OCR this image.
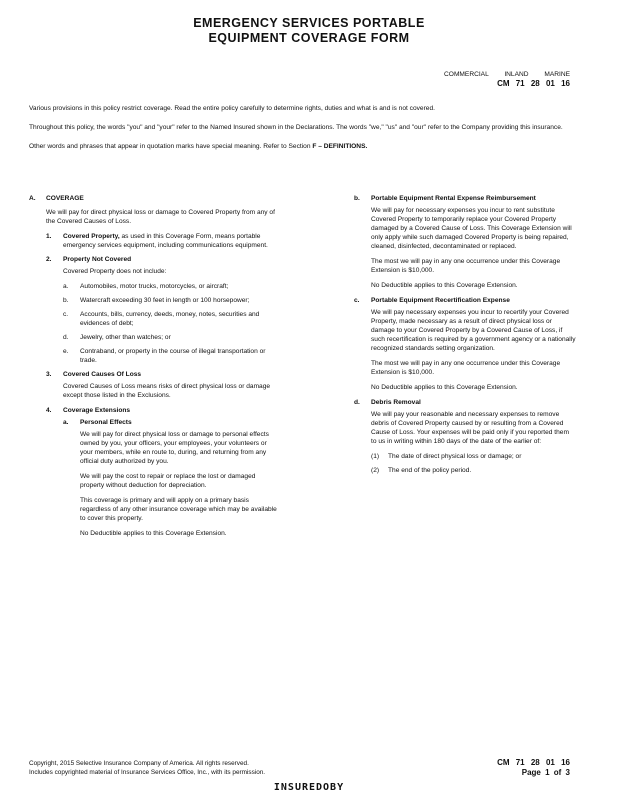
EMERGENCY SERVICES PORTABLE
EQUIPMENT COVERAGE FORM
COMMERCIAL INLAND MARINE
CM 71 28 01 16

Various provisions in this policy restrict coverage. Read the entire policy carefully to determine rights, duties and what is and is not covered.

Throughout this policy, the words "you" and "your" refer to the Named Insured shown in the Declarations. The words "we," "us" and "our" refer to the Company providing this insurance.

Other words and phrases that appear in quotation marks have special meaning. Refer to Section F – DEFINITIONS.

A.	COVERAGE

We will pay for direct physical loss or damage to Covered Property from any of the Covered Causes of Loss.

1.	Covered Property, as used in this Coverage Form, means portable emergency services equipment, including communications equipment.
2.	Property Not Covered

Covered Property does not include:

a.	Automobiles, motor trucks, motorcycles, or aircraft;
b.	Watercraft exceeding 30 feet in length or 100 horsepower;
c.	Accounts, bills, currency, deeds, money, notes, securities and evidences of debt;
d.	Jewelry, other than watches; or
e.	Contraband, or property in the course of illegal transportation or trade.
3.	Covered Causes Of Loss

Covered Causes of Loss means risks of direct physical loss or damage except those listed in the Exclusions.

4.	Coverage Extensions
a.	Personal Effects

We will pay for direct physical loss or damage to personal effects owned by you, your officers, your employees, your volunteers or your members, while en route to, during, and returning from any official duty authorized by you.

We will pay the cost to repair or replace the lost or damaged property without deduction for depreciation.

This coverage is primary and will apply on a primary basis regardless of any other insurance coverage which may be available to cover this property.

No Deductible applies to this Coverage Extension.

b.	Portable Equipment Rental Expense Reimbursement

We will pay for necessary expenses you incur to rent substitute Covered Property to temporarily replace your Covered Property damaged by a Covered Cause of Loss. This Coverage Extension will only apply while such damaged Covered Property is being repaired, cleaned, disinfected, decontaminated or replaced.

The most we will pay in any one occurrence under this Coverage Extension is $10,000.

No Deductible applies to this Coverage Extension.

c.	Portable Equipment Recertification Expense

We will pay necessary expenses you incur to recertify your Covered Property, made necessary as a result of direct physical loss or damage to your Covered Property by a Covered Cause of Loss, if such recertification is required by a government agency or a nationally recognized standards setting organization.

The most we will pay in any one occurrence under this Coverage Extension is $10,000.

No Deductible applies to this Coverage Extension.

d.	Debris Removal

We will pay your reasonable and necessary expenses to remove debris of Covered Property caused by or resulting from a Covered Cause of Loss. Your expenses will be paid only if you reported them to us in writing within 180 days of the date of the earlier of:

(1)	The date of direct physical loss or damage; or
(2)	The end of the policy period.
Copyright, 2015 Selective Insurance Company of America. All rights reserved.
Includes copyrighted material of Insurance Services Office, Inc., with its permission.
CM 71 28 01 16
Page 1 of 3
INSUREDOBY
